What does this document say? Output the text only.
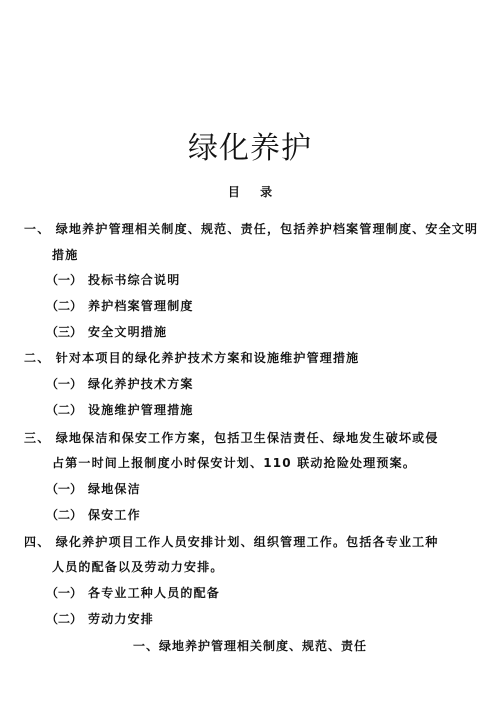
绿化养护
目 录
一、 绿地养护管理相关制度、规范、责任，包括养护档案管理制度、安全文明
措施
（一） 投标书综合说明
（二） 养护档案管理制度
（三） 安全文明措施
二、 针对本项目的绿化养护技术方案和设施维护管理措施
（一） 绿化养护技术方案
（二） 设施维护管理措施
三、 绿地保洁和保安工作方案，包括卫生保洁责任、绿地发生破坏或侵
占第一时间上报制度小时保安计划、110 联动抢险处理预案。
（一） 绿地保洁
（二） 保安工作
四、 绿化养护项目工作人员安排计划、组织管理工作。包括各专业工种
人员的配备以及劳动力安排。
（一） 各专业工种人员的配备
（二） 劳动力安排
一、绿地养护管理相关制度、规范、责任
